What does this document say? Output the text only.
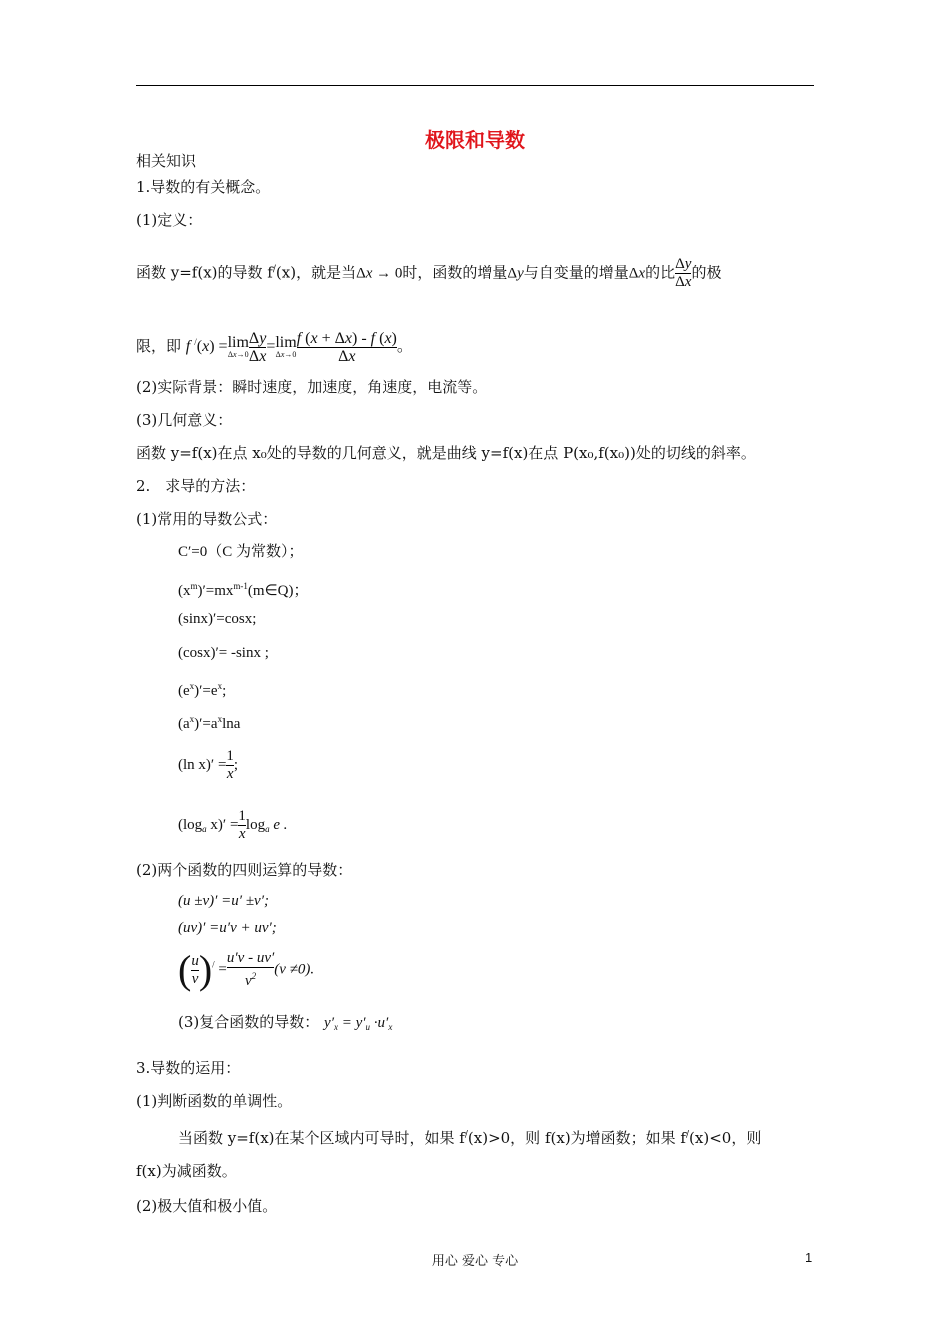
极限和导数
相关知识
1.导数的有关概念。
(1)定义：
函数 y=f(x)的导数 f/(x)，就是当Δx → 0时，函数的增量Δy与自变量的增量Δx的比 $\frac{\Delta y}{\Delta x}$ 的极
限，即 f /(x) =lim
$\Delta x\to 0 \frac{\Delta y}{\Delta x} =\lim$
$\Delta x\to 0 \frac{f (x + \Delta x) - f (x)}{\Delta x}$ 。
(2)实际背景：瞬时速度，加速度，角速度，电流等。
(3)几何意义：
函数 y=f(x)在点 x₀处的导数的几何意义，就是曲线 y=f(x)在点 P(x₀,f(x₀))处的切线的斜率。
2.　求导的方法：
(1)常用的导数公式：
C′=0（C 为常数）；
$(x^m)'=mx^{m-1}(m\in Q)$；
(sinx)′=cosx;
(cosx)′= -sinx ;
$(e^x)'=e^x$;
$(a^x)'=a^x\ln a$
(ln $x)' = \frac{1}{x}$ ;
($\log_a$ $x)' = \frac{1}{x} \log_a e$ .
(2)两个函数的四则运算的导数：
(u ±v)′ =u′ ±v′;
(uv)′ =u′v + uv′;
( $\frac{u}{v} )^/ = \frac{u'v - uv'}{v^2} (v \ne 0)$.
(3)复合函数的导数： $y'_x = y'_u \cdot u'_x$
3.导数的运用：
(1)判断函数的单调性。
当函数 y=f(x)在某个区域内可导时，如果 f/(x)>0，则 f(x)为增函数；如果 f/(x)<0，则
f(x)为减函数。
(2)极大值和极小值。
用心 爱心 专心	1
